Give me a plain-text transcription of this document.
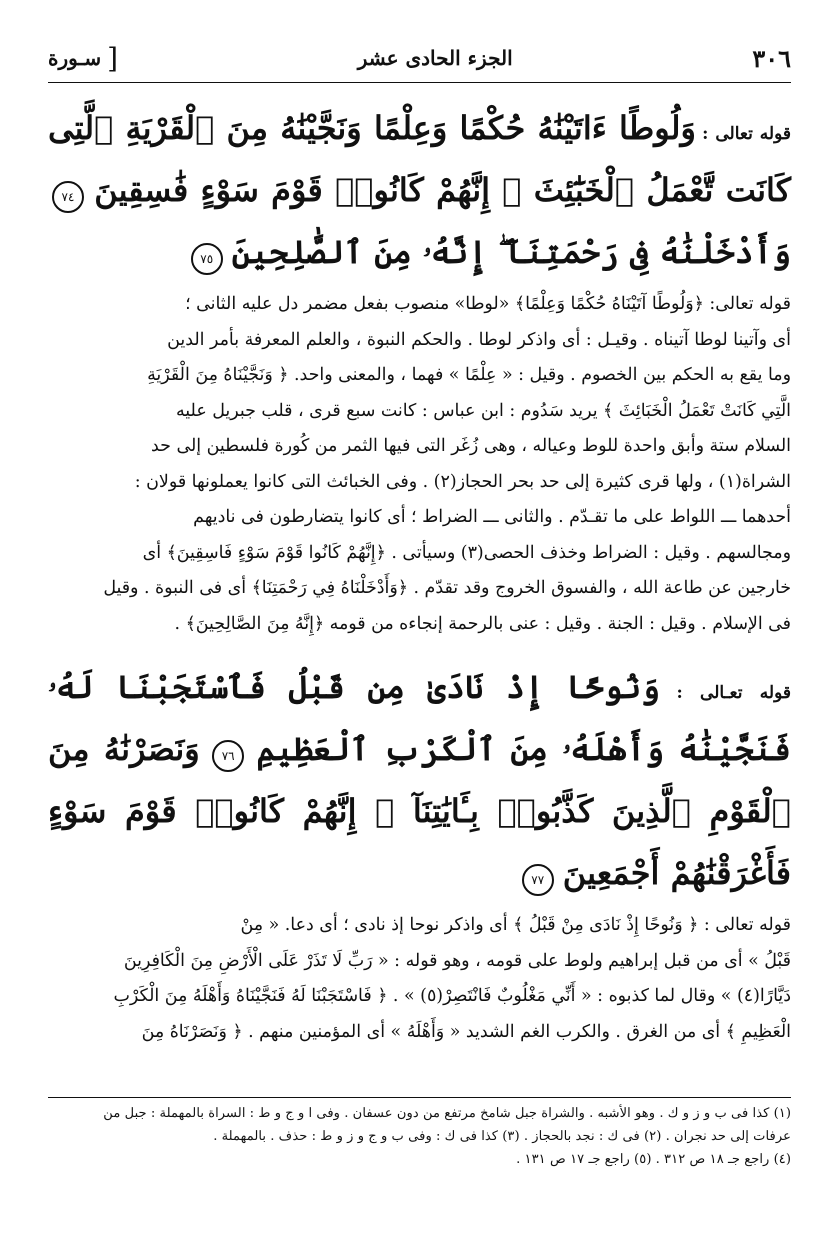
٣٠٦
الجزء الحادى عشر
[
سـورة
قوله تعالى : وَلُوطًا ءَاتَيْنَٰهُ حُكْمًا وَعِلْمًا وَنَجَّيْنَٰهُ مِنَ ٱلْقَرْيَةِ ٱلَّتِى كَانَت تَّعْمَلُ ٱلْخَبَٰٓئِثَ ۗ إِنَّهُمْ كَانُوا۟ قَوْمَ سَوْءٍ فَٰسِقِينَ ٧٤ وَأَدْخَلْنَٰهُ فِى رَحْمَتِنَآ ۖ إِنَّهُۥ مِنَ ٱلصَّٰلِحِينَ ٧٥

قوله تعالى: ﴿وَلُوطًا آتَيْنَاهُ حُكْمًا وَعِلْمًا﴾ «لوطا» منصوب بفعل مضمر دل عليه الثانى ؛

أى وآتينا لوطا آتيناه . وقيـل : أى واذكر لوطا . والحكم النبوة ، والعلم المعرفة بأمر الدين

وما يقع به الحكم بين الخصوم . وقيل : « عِلْمًا » فهما ، والمعنى واحد. ﴿ وَنَجَّيْنَاهُ مِنَ الْقَرْيَةِ

الَّتِي كَانَتْ تَعْمَلُ الْخَبَائِثَ ﴾ يريد سَدُوم : ابن عباس : كانت سبع قرى ، قلب جبريل عليه

السلام ستة وأبق واحدة للوط وعياله ، وهى زُغَر التى فيها الثمر من كُورة فلسطين إلى حد

الشراة(١) ، ولها قرى كثيرة إلى حد بحر الحجاز(٢) . وفى الخبائث التى كانوا يعملونها قولان :

أحدهما ـــ اللواط على ما تقـدّم . والثانى ـــ الضراط ؛ أى كانوا يتضارطون فى ناديهم

ومجالسهم . وقيل : الضراط وخذف الحصى(٣) وسيأتى . ﴿إِنَّهُمْ كَانُوا قَوْمَ سَوْءٍ فَاسِقِينَ﴾ أى

خارجين عن طاعة الله ، والفسوق الخروج وقد تقدّم . ﴿وَأَدْخَلْنَاهُ فِي رَحْمَتِنَا﴾ أى فى النبوة . وقيل

فى الإسلام . وقيل : الجنة . وقيل : عنى بالرحمة إنجاءه من قومه ﴿إِنَّهُ مِنَ الصَّالِحِينَ﴾ .

قوله تعـالى : وَنُوحًا إِذْ نَادَىٰ مِن قَبْلُ فَٱسْتَجَبْنَا لَهُۥ فَنَجَّيْنَٰهُ وَأَهْلَهُۥ مِنَ ٱلْكَرْبِ ٱلْعَظِيمِ ٧٦ وَنَصَرْنَٰهُ مِنَ ٱلْقَوْمِ ٱلَّذِينَ كَذَّبُوا۟ بِـَٔايَٰتِنَآ ۚ إِنَّهُمْ كَانُوا۟ قَوْمَ سَوْءٍ فَأَغْرَقْنَٰهُمْ أَجْمَعِينَ ٧٧

قوله تعالى : ﴿ وَنُوحًا إِذْ نَادَى مِنْ قَبْلُ ﴾ أى واذكر نوحا إذ نادى ؛ أى دعا. « مِنْ

قَبْلُ » أى من قبل إبراهيم ولوط على قومه ، وهو قوله : « رَبِّ لَا تَذَرْ عَلَى الْأَرْضِ مِنَ الْكَافِرِينَ

دَيَّارًا(٤) » وقال لما كذبوه : « أَنِّي مَغْلُوبٌ فَانْتَصِرْ(٥) » . ﴿ فَاسْتَجَبْنَا لَهُ فَنَجَّيْنَاهُ وَأَهْلَهُ مِنَ الْكَرْبِ

الْعَظِيمِ ﴾ أى من الغرق . والكرب الغم الشديد « وَأَهْلَهُ » أى المؤمنين منهم . ﴿ وَنَصَرْنَاهُ مِنَ

(١) كذا فى ب و ز و ك . وهو الأشبه . والشراة جبل شامخ مرتفع من دون عسفان . وفى ا و ج و ط : السراة بالمهملة : جبل من

عرفات إلى حد نجران . (٢) فى ك : نجد بالحجاز . (٣) كذا فى ك : وفى ب و ج و ز و ط : حذف . بالمهملة .

(٤) راجع جـ ١٨ ص ٣١٢ . (٥) راجع جـ ١٧ ص ١٣١ .
